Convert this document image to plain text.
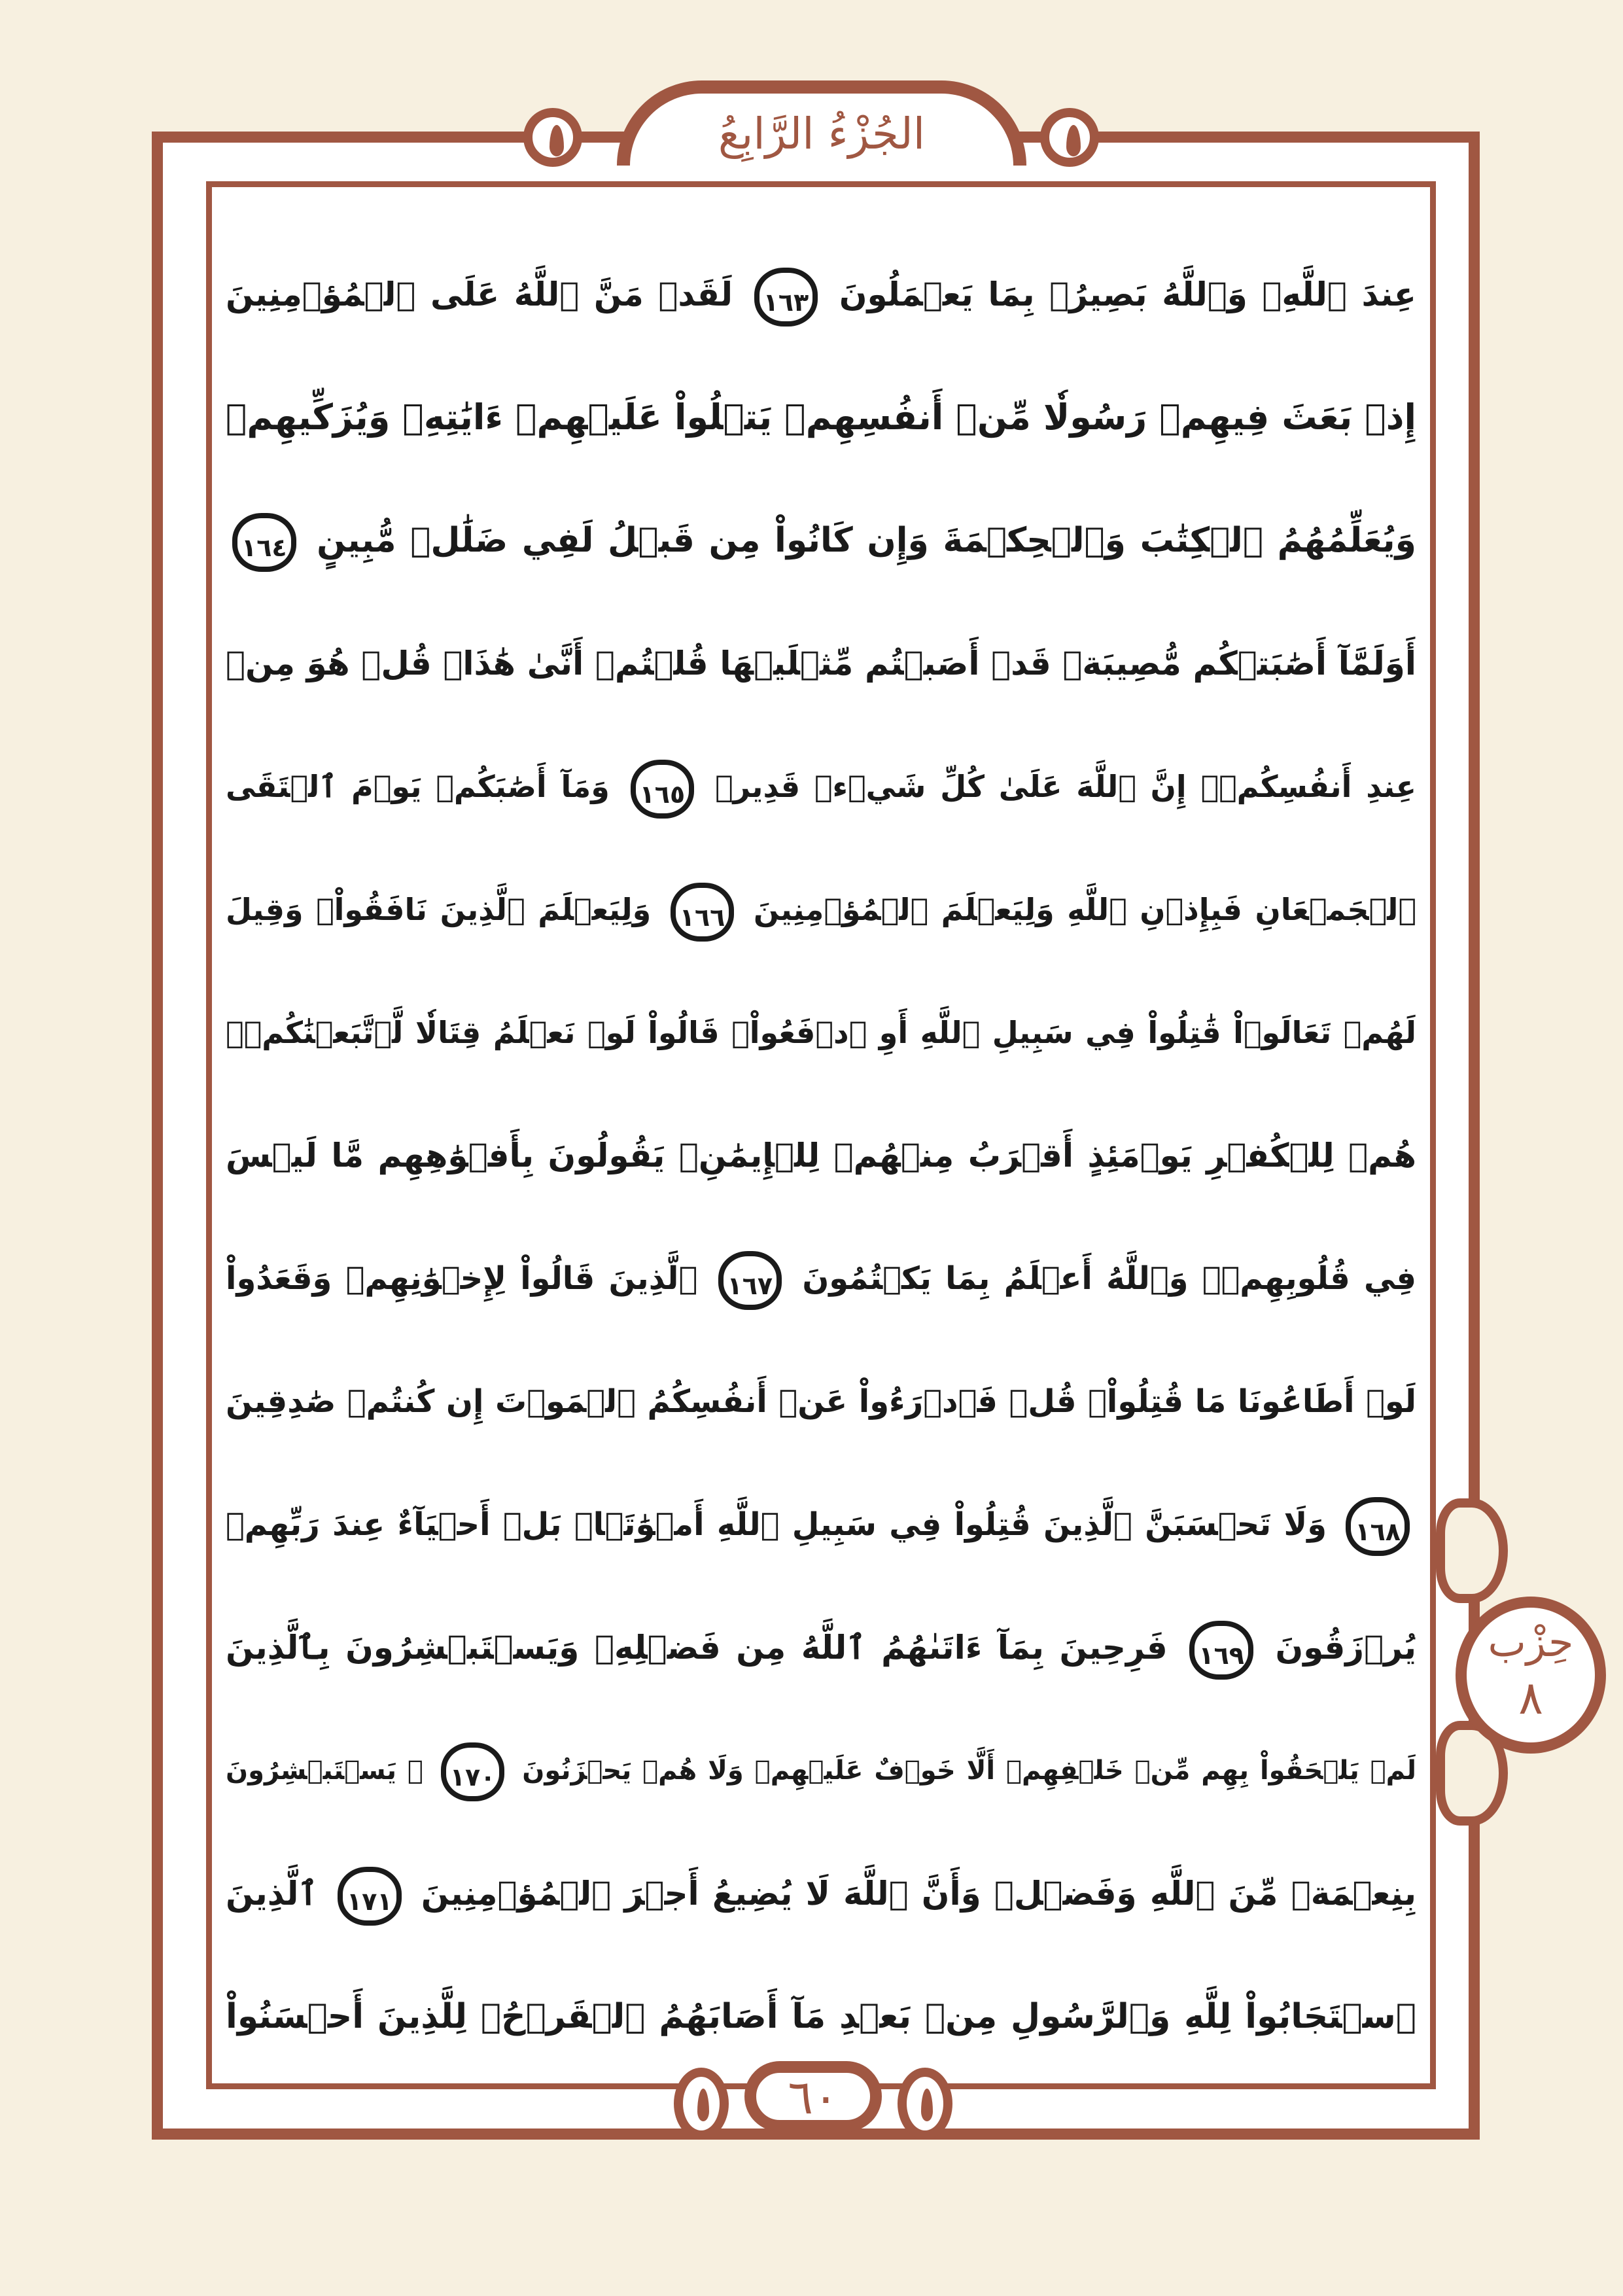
الجُزْءُ الرَّابِعُ
حِزْب
٨
عِندَ ٱللَّهِۗ وَٱللَّهُ بَصِيرُۢ بِمَا يَعۡمَلُونَ ١٦٣ لَقَدۡ مَنَّ ٱللَّهُ عَلَى ٱلۡمُؤۡمِنِينَ
إِذۡ بَعَثَ فِيهِمۡ رَسُولٗا مِّنۡ أَنفُسِهِمۡ يَتۡلُواْ عَلَيۡهِمۡ ءَايَٰتِهِۦ وَيُزَكِّيهِمۡ
وَيُعَلِّمُهُمُ ٱلۡكِتَٰبَ وَٱلۡحِكۡمَةَ وَإِن كَانُواْ مِن قَبۡلُ لَفِي ضَلَٰلٖ مُّبِينٍ ١٦٤
أَوَلَمَّآ أَصَٰبَتۡكُم مُّصِيبَةٞ قَدۡ أَصَبۡتُم مِّثۡلَيۡهَا قُلۡتُمۡ أَنَّىٰ هَٰذَاۖ قُلۡ هُوَ مِنۡ
عِندِ أَنفُسِكُمۡۗ إِنَّ ٱللَّهَ عَلَىٰ كُلِّ شَيۡءٖ قَدِيرٞ ١٦٥ وَمَآ أَصَٰبَكُمۡ يَوۡمَ ٱلۡتَقَى
ٱلۡجَمۡعَانِ فَبِإِذۡنِ ٱللَّهِ وَلِيَعۡلَمَ ٱلۡمُؤۡمِنِينَ ١٦٦ وَلِيَعۡلَمَ ٱلَّذِينَ نَافَقُواْۚ وَقِيلَ
لَهُمۡ تَعَالَوۡاْ قَٰتِلُواْ فِي سَبِيلِ ٱللَّهِ أَوِ ٱدۡفَعُواْۖ قَالُواْ لَوۡ نَعۡلَمُ قِتَالٗا لَّٱتَّبَعۡنَٰكُمۡۗ
هُمۡ لِلۡكُفۡرِ يَوۡمَئِذٍ أَقۡرَبُ مِنۡهُمۡ لِلۡإِيمَٰنِۚ يَقُولُونَ بِأَفۡوَٰهِهِم مَّا لَيۡسَ
فِي قُلُوبِهِمۡۚ وَٱللَّهُ أَعۡلَمُ بِمَا يَكۡتُمُونَ ١٦٧ ٱلَّذِينَ قَالُواْ لِإِخۡوَٰنِهِمۡ وَقَعَدُواْ
لَوۡ أَطَاعُونَا مَا قُتِلُواْۗ قُلۡ فَٱدۡرَءُواْ عَنۡ أَنفُسِكُمُ ٱلۡمَوۡتَ إِن كُنتُمۡ صَٰدِقِينَ
١٦٨ وَلَا تَحۡسَبَنَّ ٱلَّذِينَ قُتِلُواْ فِي سَبِيلِ ٱللَّهِ أَمۡوَٰتَۢاۚ بَلۡ أَحۡيَآءٌ عِندَ رَبِّهِمۡ
يُرۡزَقُونَ ١٦٩ فَرِحِينَ بِمَآ ءَاتَىٰهُمُ ٱللَّهُ مِن فَضۡلِهِۦ وَيَسۡتَبۡشِرُونَ بِٱلَّذِينَ
لَمۡ يَلۡحَقُواْ بِهِم مِّنۡ خَلۡفِهِمۡ أَلَّا خَوۡفٌ عَلَيۡهِمۡ وَلَا هُمۡ يَحۡزَنُونَ ١٧٠ ۞ يَسۡتَبۡشِرُونَ
بِنِعۡمَةٖ مِّنَ ٱللَّهِ وَفَضۡلٖ وَأَنَّ ٱللَّهَ لَا يُضِيعُ أَجۡرَ ٱلۡمُؤۡمِنِينَ ١٧١ ٱلَّذِينَ
ٱسۡتَجَابُواْ لِلَّهِ وَٱلرَّسُولِ مِنۢ بَعۡدِ مَآ أَصَابَهُمُ ٱلۡقَرۡحُۚ لِلَّذِينَ أَحۡسَنُواْ
٦٠
